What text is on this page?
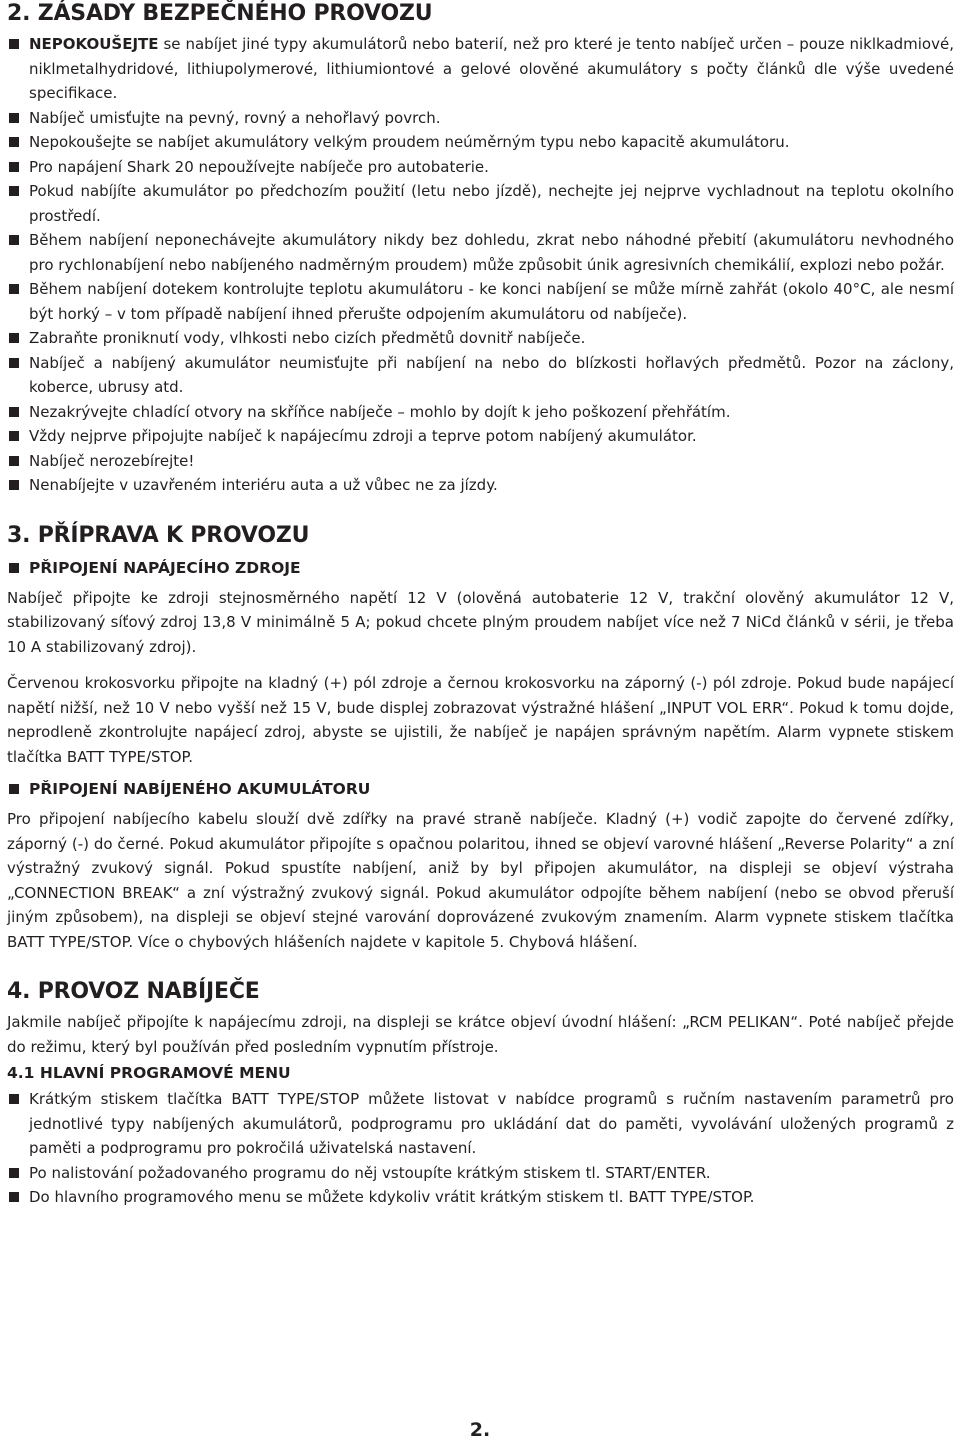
2. ZÁSADY BEZPEČNÉHO PROVOZU
NEPOKOUŠEJTE se nabíjet jiné typy akumulátorů nebo baterií, než pro které je tento nabíječ určen – pouze niklkadmiové, niklmetalhydridové, lithiupolymerové, lithiumiontové a gelové olověné akumulátory s počty článků dle výše uvedené specifikace.
Nabíječ umisťujte na pevný, rovný a nehořlavý povrch.
Nepokoušejte se nabíjet akumulátory velkým proudem neúměrným typu nebo kapacitě akumulátoru.
Pro napájení Shark 20 nepoužívejte nabíječe pro autobaterie.
Pokud nabíjíte akumulátor po předchozím použití (letu nebo jízdě), nechejte jej nejprve vychladnout na teplotu okolního prostředí.
Během nabíjení neponechávejte akumulátory nikdy bez dohledu, zkrat nebo náhodné přebití (akumulátoru nevhodného pro rychlonabíjení nebo nabíjeného nadměrným proudem) může způsobit únik agresivních chemikálií, explozi nebo požár.
Během nabíjení dotekem kontrolujte teplotu akumulátoru - ke konci nabíjení se může mírně zahřát (okolo 40°C, ale nesmí být horký – v tom případě nabíjení ihned přerušte odpojením akumulátoru od nabíječe).
Zabraňte proniknutí vody, vlhkosti nebo cizích předmětů dovnitř nabíječe.
Nabíječ a nabíjený akumulátor neumisťujte při nabíjení na nebo do blízkosti hořlavých předmětů. Pozor na záclony, koberce, ubrusy atd.
Nezakrývejte chladící otvory na skříňce nabíječe – mohlo by dojít k jeho poškození přehřátím.
Vždy nejprve připojujte nabíječ k napájecímu zdroji a teprve potom nabíjený akumulátor.
Nabíječ nerozebírejte!
Nenabíjejte v uzavřeném interiéru auta a už vůbec ne za jízdy.
3. PŘÍPRAVA K PROVOZU
PŘIPOJENÍ NAPÁJECÍHO ZDROJE

Nabíječ připojte ke zdroji stejnosměrného napětí 12 V (olověná autobaterie 12 V, trakční olověný akumulátor 12 V, stabilizovaný síťový zdroj 13,8 V minimálně 5 A; pokud chcete plným proudem nabíjet více než 7 NiCd článků v sérii, je třeba 10 A stabilizovaný zdroj).

Červenou krokosvorku připojte na kladný (+) pól zdroje a černou krokosvorku na záporný (-) pól zdroje. Pokud bude napájecí napětí nižší, než 10 V nebo vyšší než 15 V, bude displej zobrazovat výstražné hlášení „INPUT VOL ERR“. Pokud k tomu dojde, neprodleně zkontrolujte napájecí zdroj, abyste se ujistili, že nabíječ je napájen správným napětím. Alarm vypnete stiskem tlačítka BATT TYPE/STOP.

PŘIPOJENÍ NABÍJENÉHO AKUMULÁTORU

Pro připojení nabíjecího kabelu slouží dvě zdířky na pravé straně nabíječe. Kladný (+) vodič zapojte do červené zdířky, záporný (-) do černé. Pokud akumulátor připojíte s opačnou polaritou, ihned se objeví varovné hlášení „Reverse Polarity“ a zní výstražný zvukový signál. Pokud spustíte nabíjení, aniž by byl připojen akumulátor, na displeji se objeví výstraha „CONNECTION BREAK“ a zní výstražný zvukový signál. Pokud akumulátor odpojíte během nabíjení (nebo se obvod přeruší jiným způsobem), na displeji se objeví stejné varování doprovázené zvukovým znamením. Alarm vypnete stiskem tlačítka BATT TYPE/STOP. Více o chybových hlášeních najdete v kapitole 5. Chybová hlášení.

4. PROVOZ NABÍJEČE

Jakmile nabíječ připojíte k napájecímu zdroji, na displeji se krátce objeví úvodní hlášení: „RCM PELIKAN“. Poté nabíječ přejde do režimu, který byl používán před posledním vypnutím přístroje.

4.1 HLAVNÍ PROGRAMOVÉ MENU
Krátkým stiskem tlačítka BATT TYPE/STOP můžete listovat v nabídce programů s ručním nastavením parametrů pro jednotlivé typy nabíjených akumulátorů, podprogramu pro ukládání dat do paměti, vyvolávání uložených programů z paměti a podprogramu pro pokročilá uživatelská nastavení.
Po nalistování požadovaného programu do něj vstoupíte krátkým stiskem tl. START/ENTER.
Do hlavního programového menu se můžete kdykoliv vrátit krátkým stiskem tl. BATT TYPE/STOP.
2.
